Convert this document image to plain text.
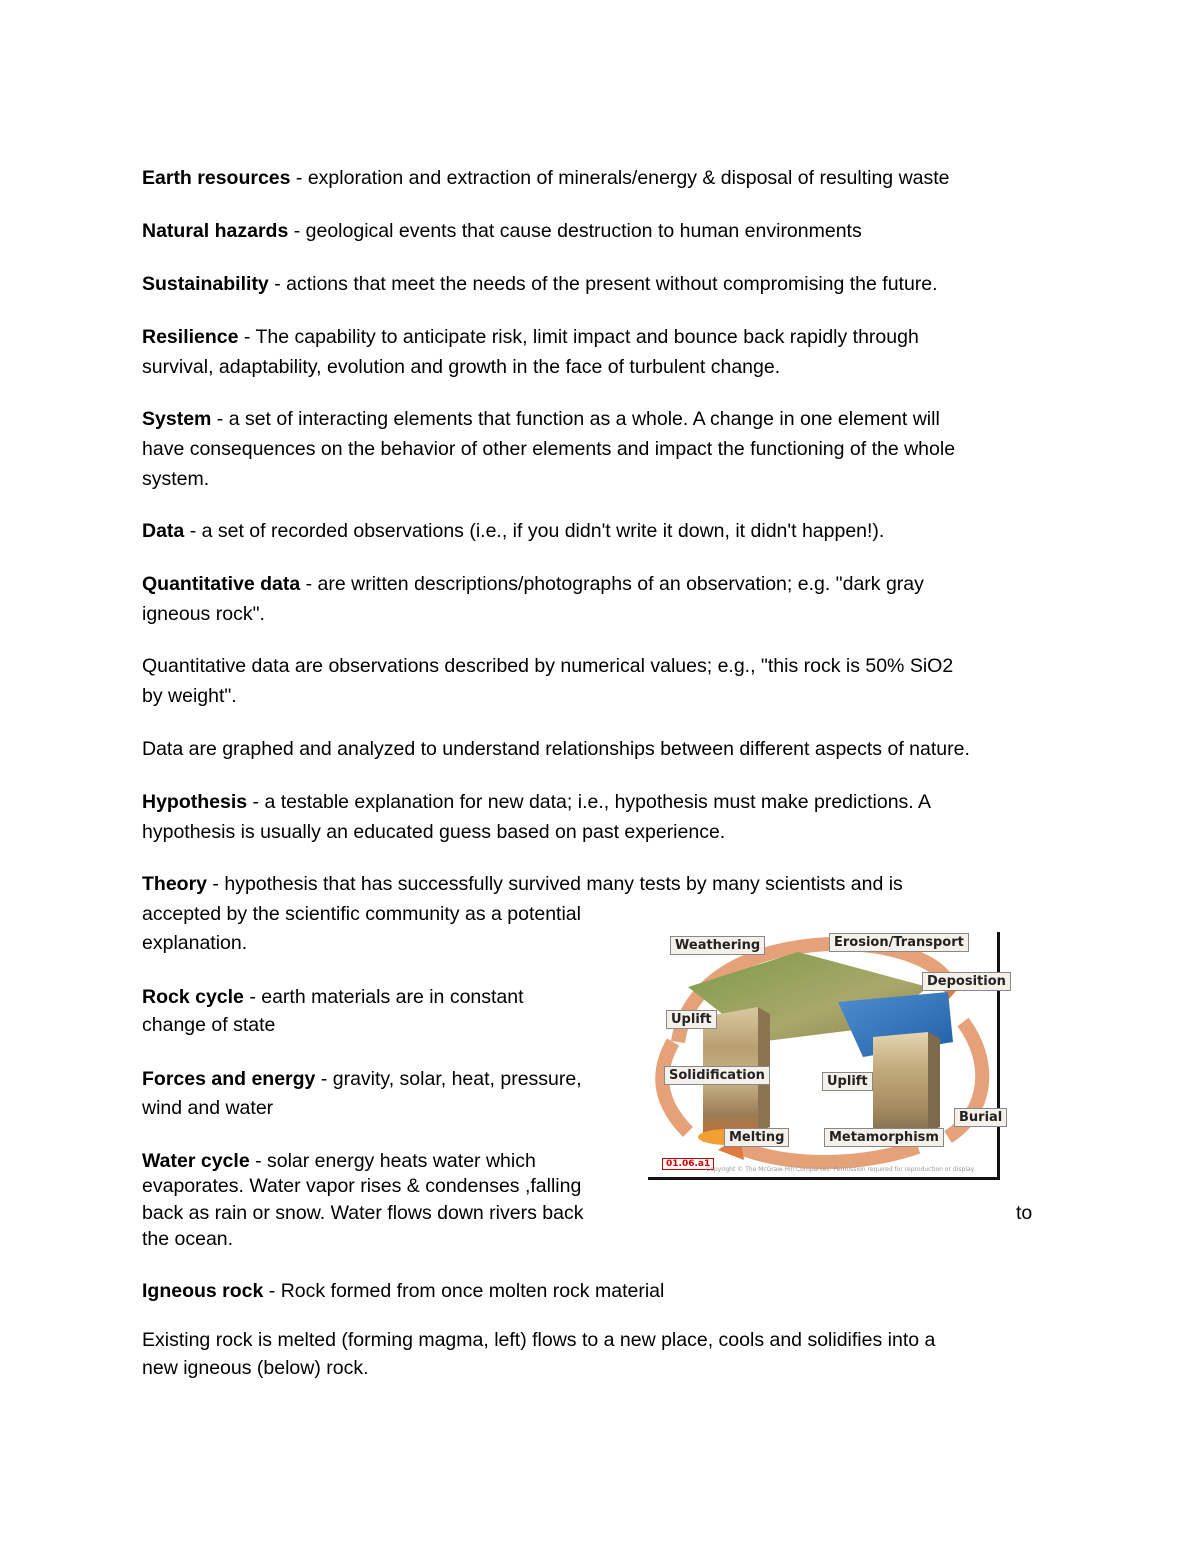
Earth resources - exploration and extraction of minerals/energy & disposal of resulting waste

Natural hazards - geological events that cause destruction to human environments

Sustainability - actions that meet the needs of the present without compromising the future.

Resilience - The capability to anticipate risk, limit impact and bounce back rapidly through

survival, adaptability, evolution and growth in the face of turbulent change.

System - a set of interacting elements that function as a whole. A change in one element will

have consequences on the behavior of other elements and impact the functioning of the whole

system.

Data - a set of recorded observations (i.e., if you didn't write it down, it didn't happen!).

Quantitative data - are written descriptions/photographs of an observation; e.g. "dark gray

igneous rock".

Quantitative data are observations described by numerical values; e.g., "this rock is 50% SiO2

by weight".

Data are graphed and analyzed to understand relationships between different aspects of nature.

Hypothesis - a testable explanation for new data; i.e., hypothesis must make predictions. A

hypothesis is usually an educated guess based on past experience.

Theory - hypothesis that has successfully survived many tests by many scientists and is

accepted by the scientific community as a potential

explanation.

Rock cycle - earth materials are in constant

change of state

Forces and energy - gravity, solar, heat, pressure,

wind and water

Water cycle - solar energy heats water which

evaporates. Water vapor rises & condenses ,falling

back as rain or snow. Water flows down rivers back	to

the ocean.

Igneous rock - Rock formed from once molten rock material

Existing rock is melted (forming magma, left) flows to a new place, cools and solidifies into a

new igneous (below) rock.

Weathering	Erosion/Transport
Deposition
Uplift
Solidification	Uplift
Burial
Melting	Metamorphism
01.06.a1
Copyright © The McGraw-Hill Companies. Permission required for reproduction or display.
